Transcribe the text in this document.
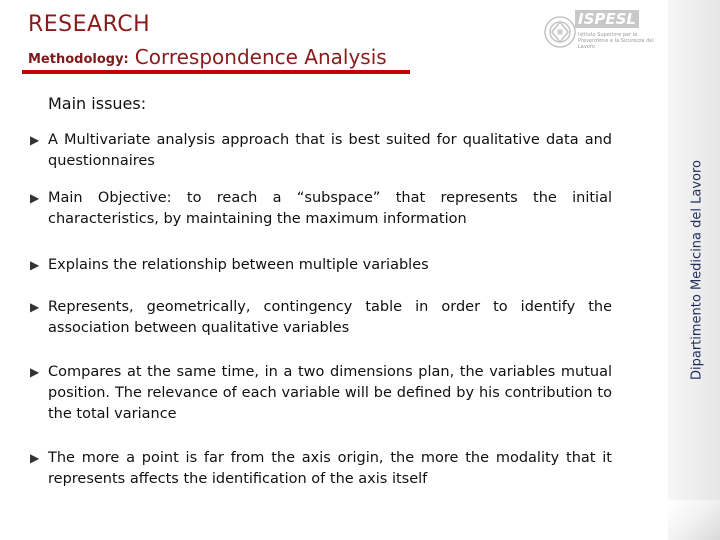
RESEARCH
Methodology: Correspondence Analysis
ISPESL
Istituto Superiore per la Prevenzione e la Sicurezza del Lavoro
Dipartimento Medicina del Lavoro
Main issues:
▶ A Multivariate analysis approach that is best suited for qualitative data and questionnaires
▶ Main Objective: to reach a “subspace” that represents the initial characteristics, by maintaining the maximum information
▶ Explains the relationship between multiple variables
▶ Represents, geometrically, contingency table in order to identify the association between qualitative variables
▶ Compares at the same time, in a two dimensions plan, the variables mutual position. The relevance of each variable will be defined by his contribution to the total variance
▶ The more a point is far from the axis origin, the more the modality that it represents affects the identification of the axis itself
